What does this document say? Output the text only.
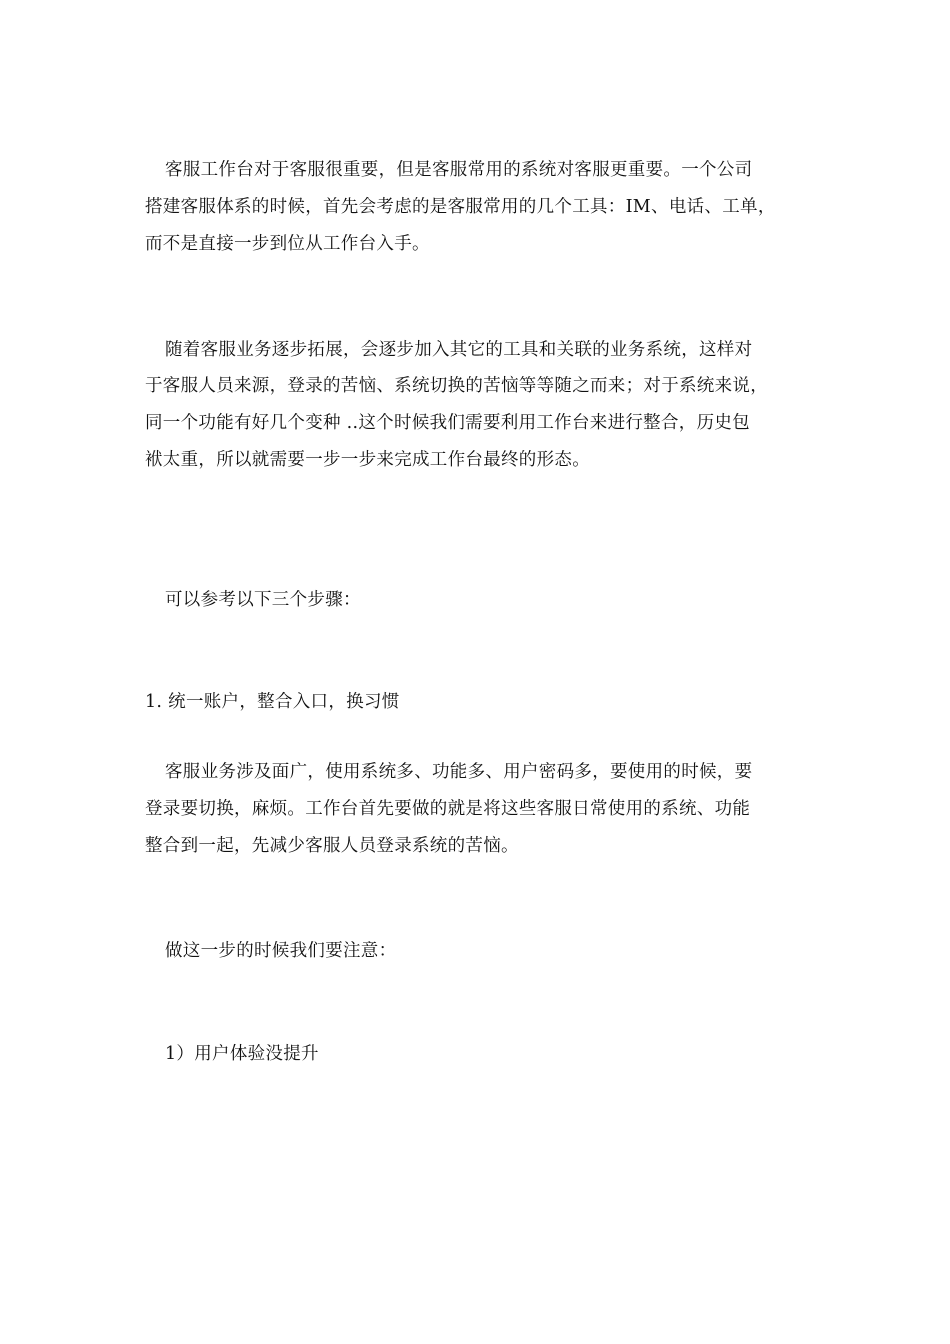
客服工作台对于客服很重要，但是客服常用的系统对客服更重要。一个公司
搭建客服体系的时候，首先会考虑的是客服常用的几个工具：IM、电话、工单，
而不是直接一步到位从工作台入手。
随着客服业务逐步拓展，会逐步加入其它的工具和关联的业务系统，这样对
于客服人员来源，登录的苦恼、系统切换的苦恼等等随之而来；对于系统来说，
同一个功能有好几个变种 ..这个时候我们需要利用工作台来进行整合，历史包
袱太重，所以就需要一步一步来完成工作台最终的形态。
可以参考以下三个步骤：
1. 统一账户，整合入口，换习惯
客服业务涉及面广，使用系统多、功能多、用户密码多，要使用的时候，要
登录要切换，麻烦。工作台首先要做的就是将这些客服日常使用的系统、功能
整合到一起，先减少客服人员登录系统的苦恼。
做这一步的时候我们要注意：
1）用户体验没提升
